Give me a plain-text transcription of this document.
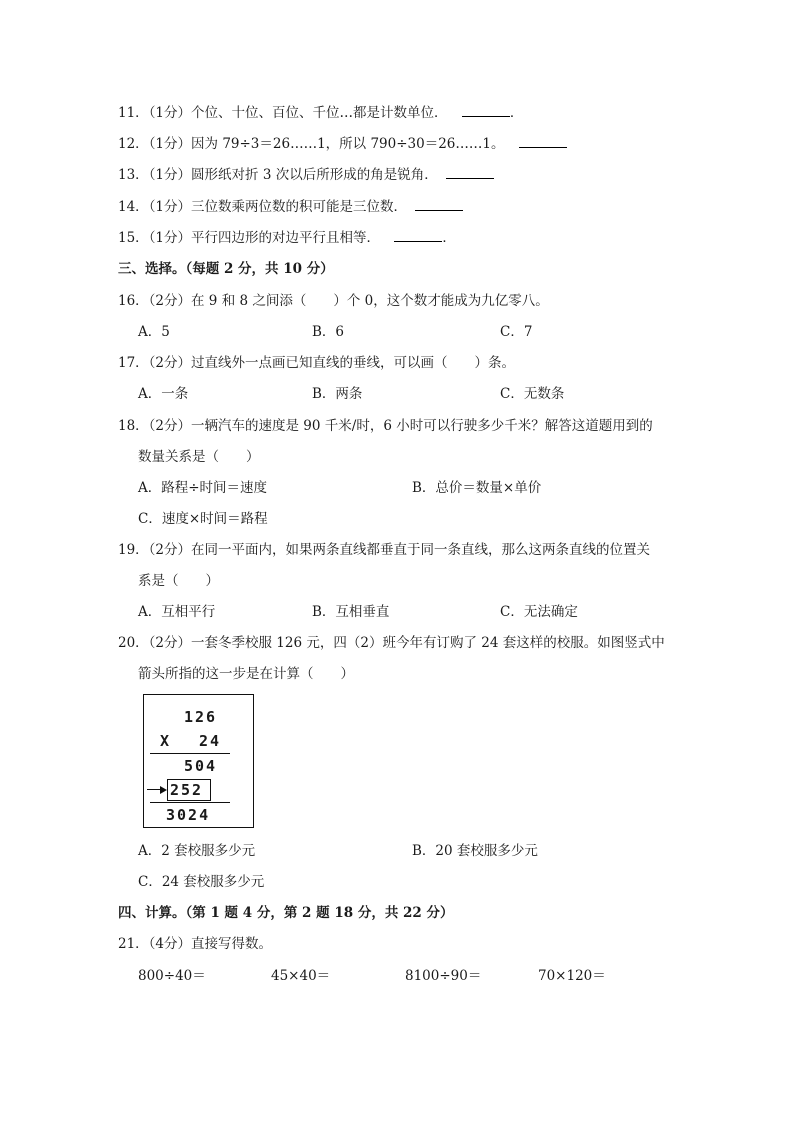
11．（1分）个位、十位、百位、千位…都是计数单位．	．
12．（1分）因为 79÷3＝26……1，所以 790÷30＝26……1。
13．（1分）圆形纸对折 3 次以后所形成的角是锐角．
14．（1分）三位数乘两位数的积可能是三位数．
15．（1分）平行四边形的对边平行且相等．	．
三、选择。（每题 2 分，共 10 分）
16．（2分）在 9 和 8 之间添（　　）个 0，这个数才能成为九亿零八。
A．5	B．6	C．7
17．（2分）过直线外一点画已知直线的垂线，可以画（　　）条。
A．一条	B．两条	C．无数条
18．（2分）一辆汽车的速度是 90 千米/时，6 小时可以行驶多少千米？解答这道题用到的
数量关系是（　　）
A．路程÷时间＝速度	B．总价＝数量×单价
C．速度×时间＝路程
19．（2分）在同一平面内，如果两条直线都垂直于同一条直线，那么这两条直线的位置关
系是（　　）
A．互相平行	B．互相垂直	C．无法确定
20．（2分）一套冬季校服 126 元，四（2）班今年有订购了 24 套这样的校服。如图竖式中
箭头所指的这一步是在计算（　　）
126
X 24
504
252
3024
A．2 套校服多少元	B．20 套校服多少元
C．24 套校服多少元
四、计算。（第 1 题 4 分，第 2 题 18 分，共 22 分）
21．（4分）直接写得数。
800÷40＝	45×40＝	8100÷90＝	70×120＝
